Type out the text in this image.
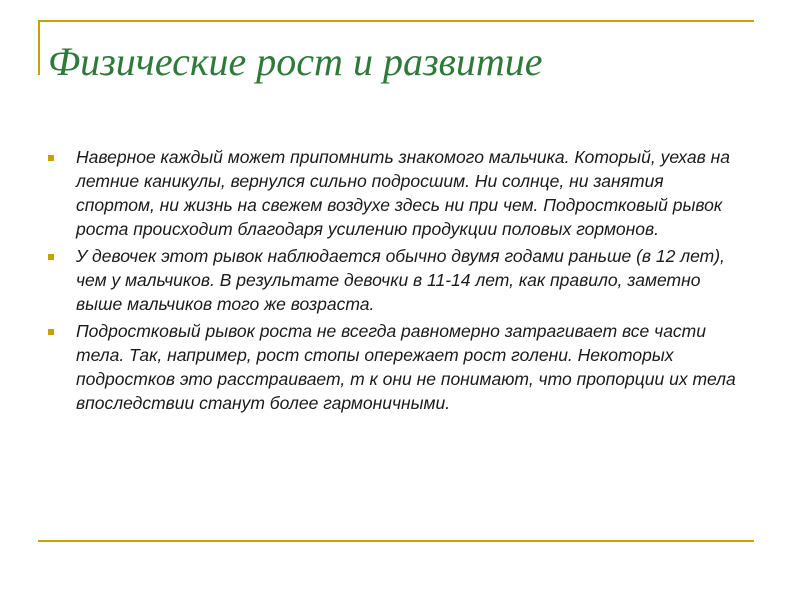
Физические рост и развитие
Наверное каждый может припомнить знакомого мальчика. Который, уехав на летние каникулы, вернулся сильно подросшим. Ни солнце, ни занятия спортом, ни жизнь на свежем воздухе здесь ни при чем. Подростковый рывок роста происходит благодаря усилению продукции половых гормонов.
У девочек этот рывок наблюдается обычно двумя годами раньше (в 12 лет), чем у мальчиков. В результате девочки в 11-14 лет, как правило, заметно выше мальчиков того же возраста.
Подростковый рывок роста не всегда равномерно затрагивает все части тела. Так, например, рост стопы опережает рост голени. Некоторых подростков это расстраивает, т к они не понимают, что пропорции их тела впоследствии станут более гармоничными.
